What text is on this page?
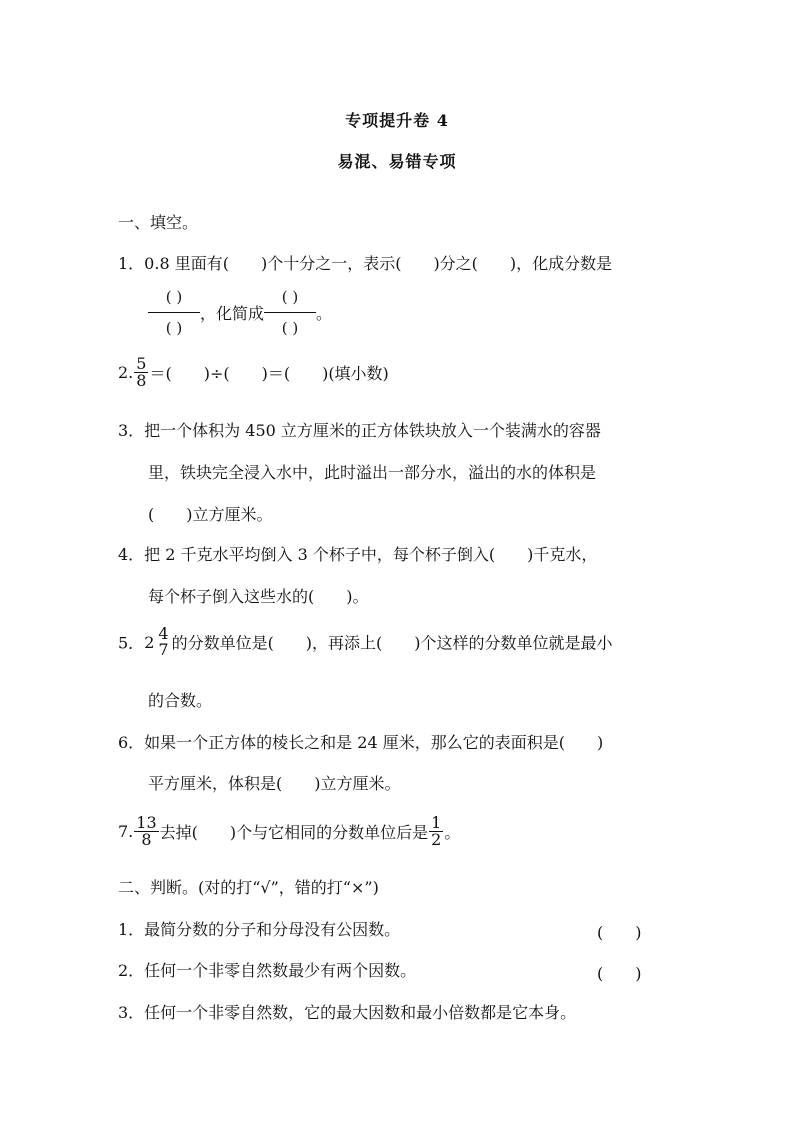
专项提升卷 4
易混、易错专项
一、填空。
1．0.8 里面有(　　)个十分之一，表示(　　)分之(　　)，化成分数是
$\frac{( )}{( )}$ ，化简成 $\frac{( )}{( )}$ 。
2. $\frac{5}{8}$ ＝(　　)÷(　　)＝(　　)(填小数)
3．把一个体积为 450 立方厘米的正方体铁块放入一个装满水的容器
里，铁块完全浸入水中，此时溢出一部分水，溢出的水的体积是
(　　)立方厘米。
4．把 2 千克水平均倒入 3 个杯子中，每个杯子倒入(　　)千克水，
每个杯子倒入这些水的(　　)。
5．2 4
7 的分数单位是(　　)，再添上(　　)个这样的分数单位就是最小
的合数。
6．如果一个正方体的棱长之和是 24 厘米，那么它的表面积是(　　)
平方厘米，体积是(　　)立方厘米。
7. $\frac{13}{8}$ 去掉(　　)个与它相同的分数单位后是 $\frac{1}{2}$ 。
二、判断。(对的打“√”，错的打“×”)
1．最简分数的分子和分母没有公因数。	(　　)
2．任何一个非零自然数最少有两个因数。	(　　)
3．任何一个非零自然数，它的最大因数和最小倍数都是它本身。
